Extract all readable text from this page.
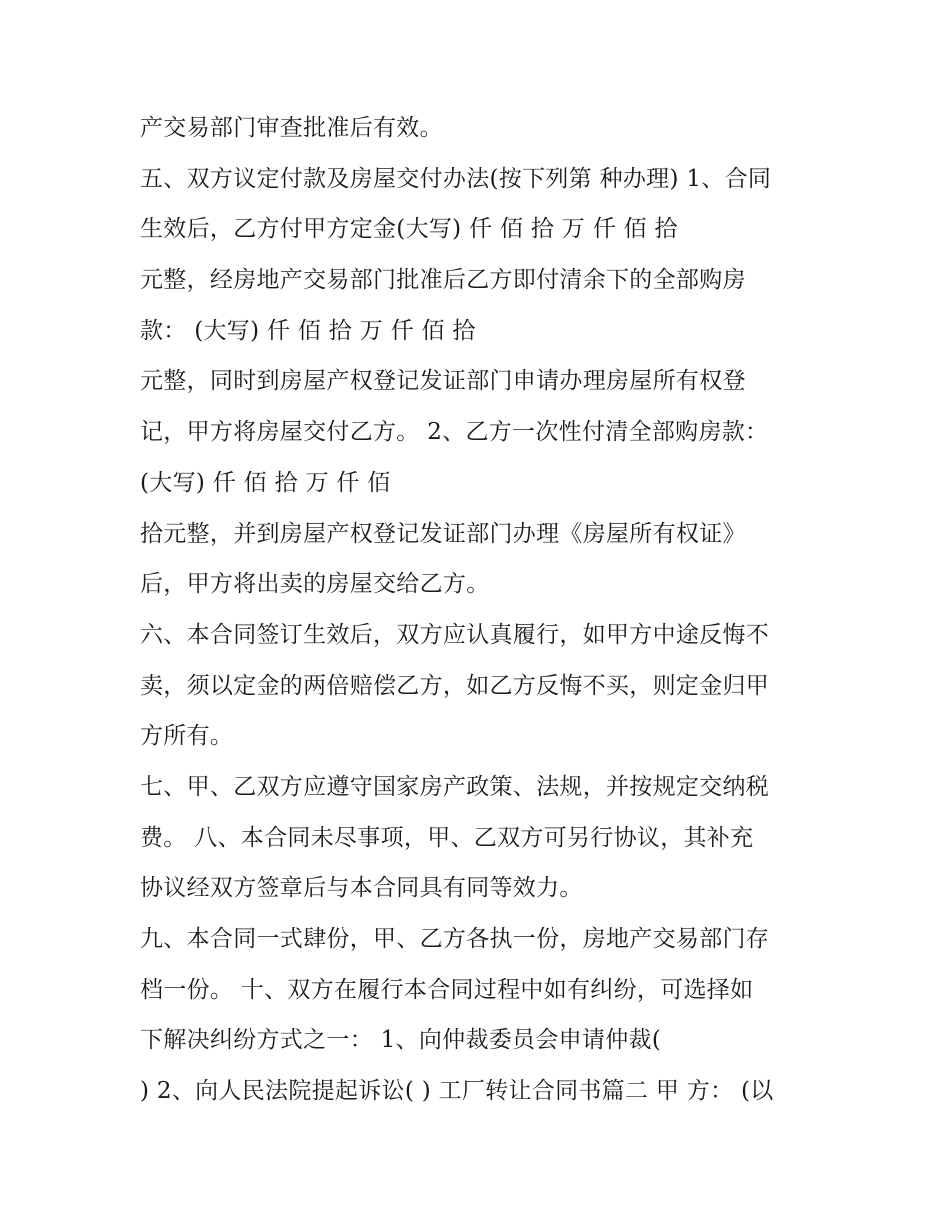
产交易部门审查批准后有效。
五、双方议定付款及房屋交付办法(按下列第 种办理) 1、合同
生效后，乙方付甲方定金(大写) 仟 佰 拾 万 仟 佰 拾
元整，经房地产交易部门批准后乙方即付清余下的全部购房
款： (大写) 仟 佰 拾 万 仟 佰 拾
元整，同时到房屋产权登记发证部门申请办理房屋所有权登
记，甲方将房屋交付乙方。 2、乙方一次性付清全部购房款：
(大写) 仟 佰 拾 万 仟 佰
拾元整，并到房屋产权登记发证部门办理《房屋所有权证》
后，甲方将出卖的房屋交给乙方。
六、本合同签订生效后，双方应认真履行，如甲方中途反悔不
卖，须以定金的两倍赔偿乙方，如乙方反悔不买，则定金归甲
方所有。
七、甲、乙双方应遵守国家房产政策、法规，并按规定交纳税
费。 八、本合同未尽事项，甲、乙双方可另行协议，其补充
协议经双方签章后与本合同具有同等效力。
九、本合同一式肆份，甲、乙方各执一份，房地产交易部门存
档一份。 十、双方在履行本合同过程中如有纠纷，可选择如
下解决纠纷方式之一： 1、向仲裁委员会申请仲裁(
) 2、向人民法院提起诉讼( ) 工厂转让合同书篇二 甲 方： (以
